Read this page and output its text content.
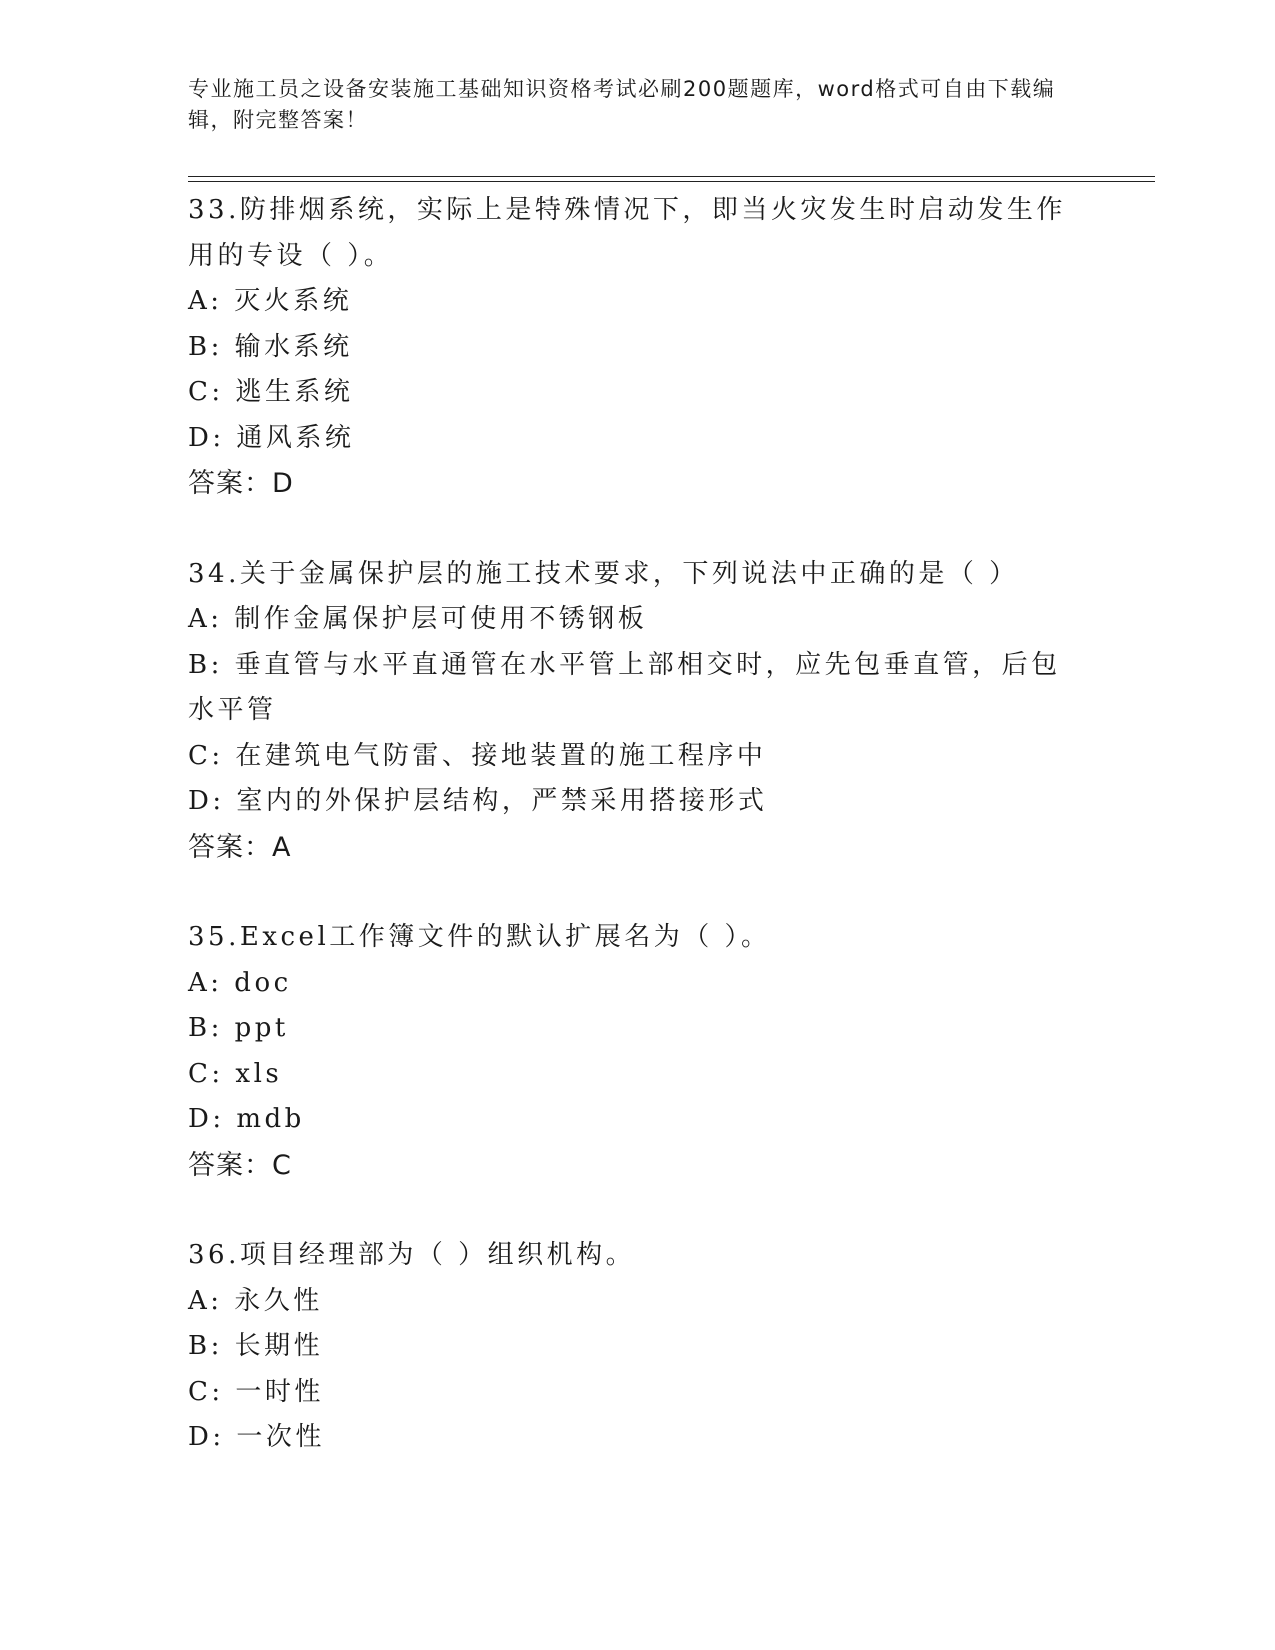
专业施工员之设备安装施工基础知识资格考试必刷200题题库，word格式可自由下载编辑，附完整答案！
33.防排烟系统，实际上是特殊情况下，即当火灾发生时启动发生作用的专设（ ）。
A: 灭火系统
B: 输水系统
C: 逃生系统
D: 通风系统
答案：D
34.关于金属保护层的施工技术要求，下列说法中正确的是（ ）
A: 制作金属保护层可使用不锈钢板
B: 垂直管与水平直通管在水平管上部相交时，应先包垂直管，后包水平管
C: 在建筑电气防雷、接地装置的施工程序中
D: 室内的外保护层结构，严禁采用搭接形式
答案：A
35.Excel工作簿文件的默认扩展名为（ ）。
A: doc
B: ppt
C: xls
D: mdb
答案：C
36.项目经理部为（ ）组织机构。
A: 永久性
B: 长期性
C: 一时性
D: 一次性
